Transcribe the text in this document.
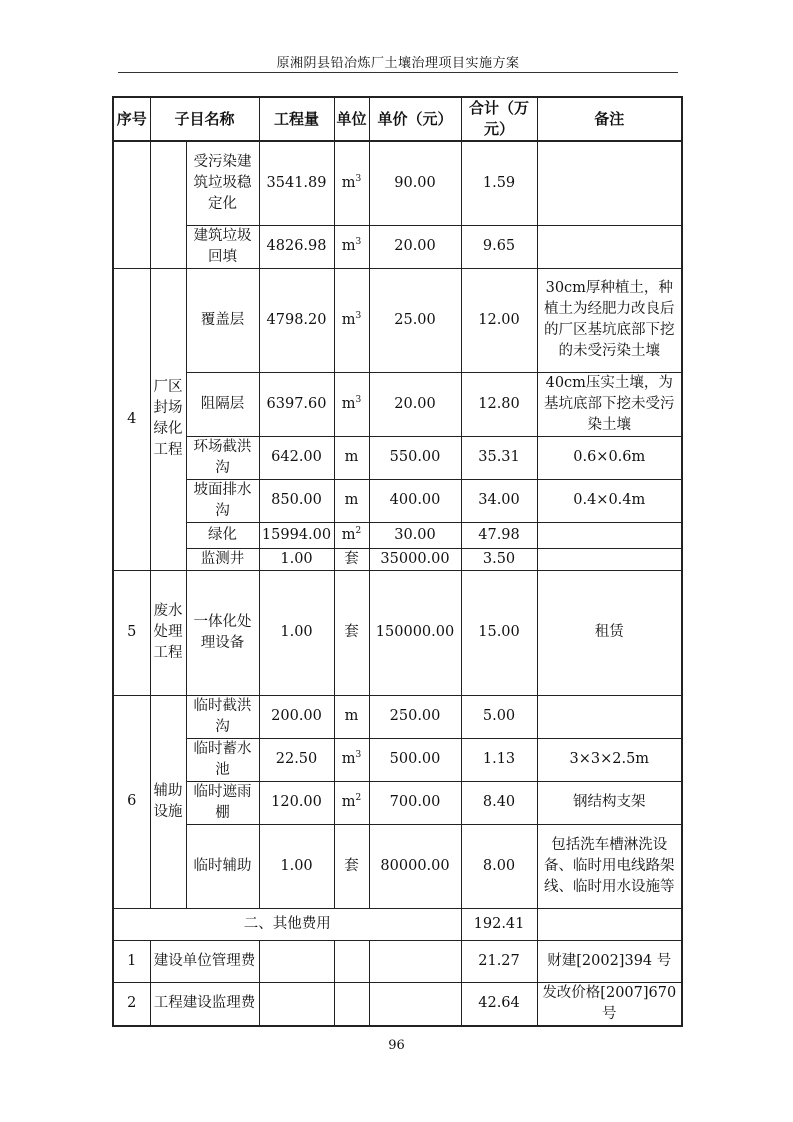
原湘阴县铅冶炼厂土壤治理项目实施方案
序号	子目名称		工程量	单位	单价（元）	合计（万元）	备注
		受污染建筑垃圾稳定化	3541.89	$m^3$	90.00	1.59	
		建筑垃圾回填	4826.98	$m^3$	20.00	9.65	
4	厂区封场绿化工程	覆盖层	4798.20	$m^3$	25.00	12.00	30cm厚种植土，种植土为经肥力改良后的厂区基坑底部下挖的未受污染土壤
		阻隔层	6397.60	$m^3$	20.00	12.80	40cm压实土壤，为基坑底部下挖未受污染土壤
		环场截洪沟	642.00	m	550.00	35.31	0.6×0.6m
		坡面排水沟	850.00	m	400.00	34.00	0.4×0.4m
		绿化	15994.00	$m^2$	30.00	47.98	
		监测井	1.00	套	35000.00	3.50	
5	废水处理工程	一体化处理设备	1.00	套	150000.00	15.00	租赁
6	辅助设施	临时截洪沟	200.00	m	250.00	5.00	
		临时蓄水池	22.50	$m^3$	500.00	1.13	3×3×2.5m
		临时遮雨棚	120.00	$m^2$	700.00	8.40	钢结构支架
		临时辅助	1.00	套	80000.00	8.00	包括洗车槽淋洗设备、临时用电线路架线、临时用水设施等
二、其他费用						192.41	
1	建设单位管理费					21.27	财建[2002]394 号
2	工程建设监理费					42.64	发改价格[2007]670号
96
